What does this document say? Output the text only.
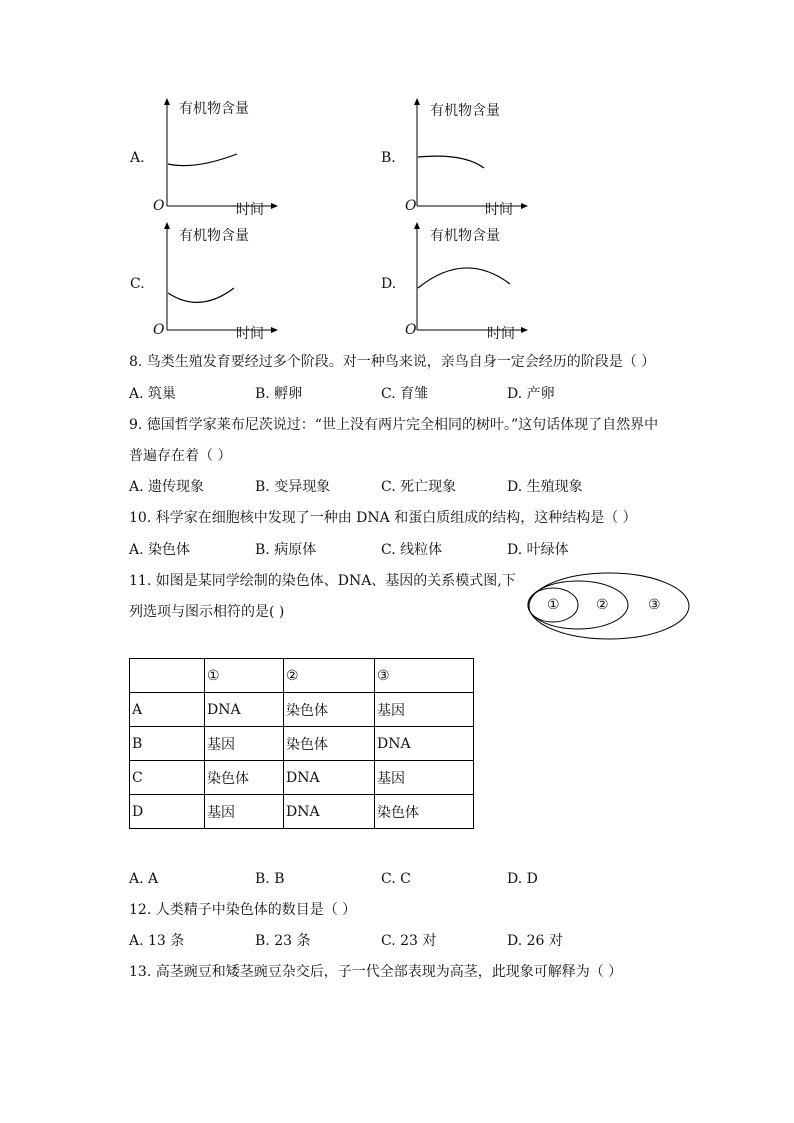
A.
有机物含量
时间
O
B.
有机物含量
时间
O
C.
有机物含量
时间
O
D.
有机物含量
时间
O
8. 鸟类生殖发育要经过多个阶段。对一种鸟来说，亲鸟自身一定会经历的阶段是（ ）
A. 筑巢	B. 孵卵	C. 育雏	D. 产卵
9. 德国哲学家莱布尼茨说过：“世上没有两片完全相同的树叶。”这句话体现了自然界中
普遍存在着（ ）
A. 遗传现象	B. 变异现象	C. 死亡现象	D. 生殖现象
10. 科学家在细胞核中发现了一种由 DNA 和蛋白质组成的结构，这种结构是（ ）
A. 染色体	B. 病原体	C. 线粒体	D. 叶绿体
11. 如图是某同学绘制的染色体、DNA、基因的关系模式图,下
列选项与图示相符的是( )	①	②	③
	①	②	③
A	DNA	染色体	基因
B	基因	染色体	DNA
C	染色体	DNA	基因
D	基因	DNA	染色体
A. A	B. B	C. C	D. D
12. 人类精子中染色体的数目是（ ）
A. 13 条	B. 23 条	C. 23 对	D. 26 对
13. 高茎豌豆和矮茎豌豆杂交后，子一代全部表现为高茎，此现象可解释为（ ）
